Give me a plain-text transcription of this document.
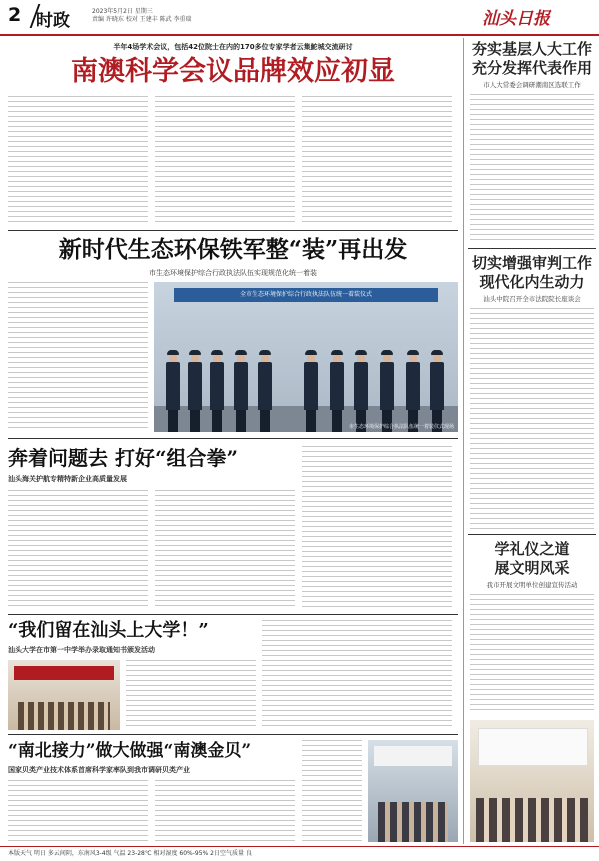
2 时政	2023年5月2日 星期三
责编 许晓东 校对 王建丰 陈武 李重瑞	汕头日报
半年4场学术会议，包括42位院士在内的170多位专家学者云集鮀城交流研讨
南澳科学会议品牌效应初显
新时代生态环保铁军整“装”再出发
市生态环境保护综合行政执法队伍实现规范化统一着装
全市生态环境保护综合行政执法队伍统一着装仪式
市生态环境保护综合执法队伍统一着装仪式现场
奔着问题去 打好“组合拳”
汕头海关护航专精特新企业高质量发展
“我们留在汕头上大学！”
汕头大学在市第一中学举办录取通知书颁发活动
“南北接力”做大做强“南澳金贝”
国家贝类产业技术体系首席科学家率队到我市调研贝类产业
夯实基层人大工作
充分发挥代表作用
市人大常委会调研潮南区选联工作
切实增强审判工作
现代化内生动力
汕头中院召开全市法院院长座谈会
学礼仪之道
展文明风采
我市开展文明单位创建宣传活动
本版天气 明日 多云间阴，东南风3-4级 气温 23-28℃ 相对湿度 60%-95% 2日空气质量 良
